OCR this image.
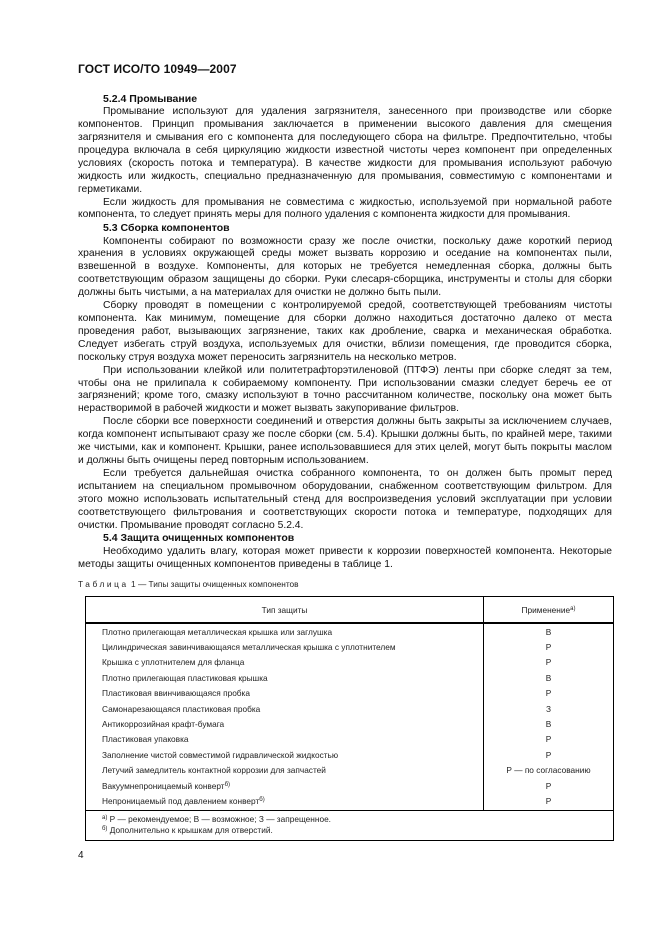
ГОСТ ИСО/ТО 10949—2007
5.2.4 Промывание

Промывание используют для удаления загрязнителя, занесенного при производстве или сборке компонентов. Принцип промывания заключается в применении высокого давления для смещения загрязнителя и смывания его с компонента для последующего сбора на фильтре. Предпочтительно, чтобы процедура включала в себя циркуляцию жидкости известной чистоты через компонент при определенных условиях (скорость потока и температура). В качестве жидкости для промывания используют рабочую жидкость или жидкость, специально предназначенную для промывания, совместимую с компонентами и герметиками.

Если жидкость для промывания не совместима с жидкостью, используемой при нормальной работе компонента, то следует принять меры для полного удаления с компонента жидкости для промывания.

5.3 Сборка компонентов

Компоненты собирают по возможности сразу же после очистки, поскольку даже короткий период хранения в условиях окружающей среды может вызвать коррозию и оседание на компонентах пыли, взвешенной в воздухе. Компоненты, для которых не требуется немедленная сборка, должны быть соответствующим образом защищены до сборки. Руки слесаря-сборщика, инструменты и столы для сборки должны быть чистыми, а на материалах для очистки не должно быть пыли.

Сборку проводят в помещении с контролируемой средой, соответствующей требованиям чистоты компонента. Как минимум, помещение для сборки должно находиться достаточно далеко от места проведения работ, вызывающих загрязнение, таких как дробление, сварка и механическая обработка. Следует избегать струй воздуха, используемых для очистки, вблизи помещения, где проводится сборка, поскольку струя воздуха может переносить загрязнитель на несколько метров.

При использовании клейкой или политетрафторэтиленовой (ПТФЭ) ленты при сборке следят за тем, чтобы она не прилипала к собираемому компоненту. При использовании смазки следует беречь ее от загрязнений; кроме того, смазку используют в точно рассчитанном количестве, поскольку она может быть нерастворимой в рабочей жидкости и может вызвать закупоривание фильтров.

После сборки все поверхности соединений и отверстия должны быть закрыты за исключением случаев, когда компонент испытывают сразу же после сборки (см. 5.4). Крышки должны быть, по крайней мере, такими же чистыми, как и компонент. Крышки, ранее использовавшиеся для этих целей, могут быть покрыты маслом и должны быть очищены перед повторным использованием.

Если требуется дальнейшая очистка собранного компонента, то он должен быть промыт перед испытанием на специальном промывочном оборудовании, снабженном соответствующим фильтром. Для этого можно использовать испытательный стенд для воспроизведения условий эксплуатации при условии соответствующего фильтрования и соответствующих скорости потока и температуре, подходящих для очистки. Промывание проводят согласно 5.2.4.

5.4 Защита очищенных компонентов

Необходимо удалить влагу, которая может привести к коррозии поверхностей компонента. Некоторые методы защиты очищенных компонентов приведены в таблице 1.

Таблица 1 — Типы защиты очищенных компонентов
Тип защиты	Применение$^{а)}$
Плотно прилегающая металлическая крышка или заглушка	В
Цилиндрическая завинчивающаяся металлическая крышка с уплотнителем	Р
Крышка с уплотнителем для фланца	Р
Плотно прилегающая пластиковая крышка	В
Пластиковая ввинчивающаяся пробка	Р
Самонарезающаяся пластиковая пробка	З
Антикоррозийная крафт-бумага	В
Пластиковая упаковка	Р
Заполнение чистой совместимой гидравлической жидкостью	Р
Летучий замедлитель контактной коррозии для запчастей	Р — по согласованию
Вакуумнепроницаемый конверт$^{б)}$	Р
Непроницаемый под давлением конверт$^{б)}$	Р

$^{а)}$ Р — рекомендуемое; В — возможное; З — запрещенное.
$^{б)}$ Дополнительно к крышкам для отверстий.	
4
